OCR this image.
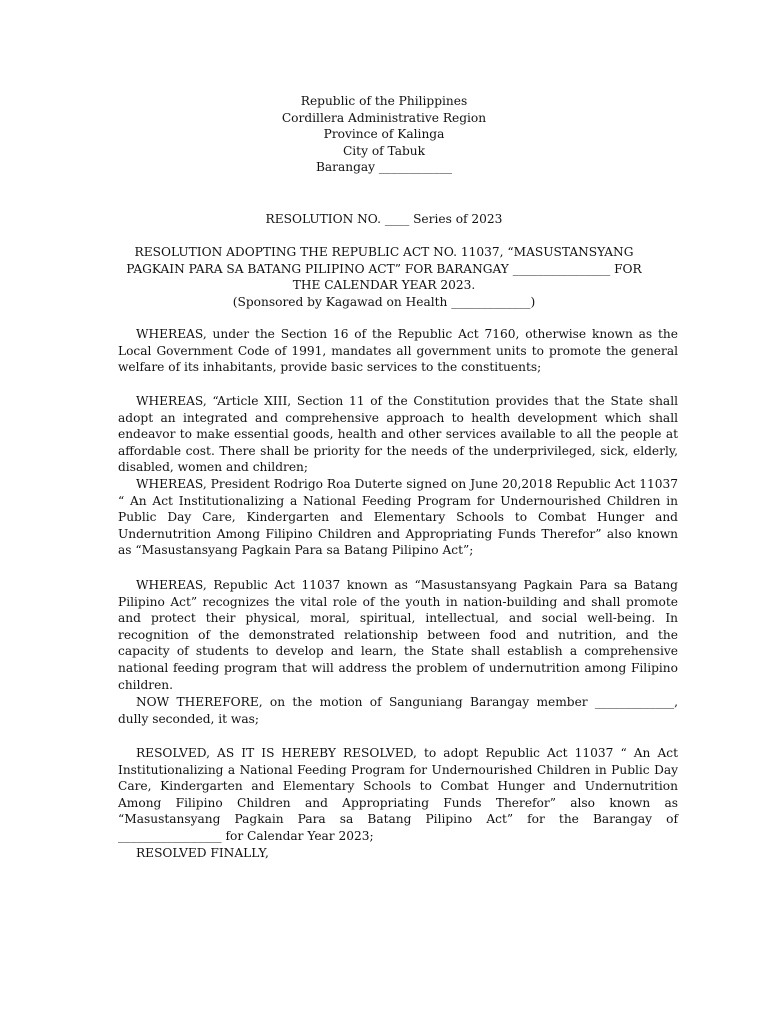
Republic of the Philippines
Cordillera Administrative Region
Province of Kalinga
City of Tabuk
Barangay ____________
RESOLUTION NO. ____ Series of 2023
RESOLUTION ADOPTING THE REPUBLIC ACT NO. 11037, “MASUSTANSYANG PAGKAIN PARA SA BATANG PILIPINO ACT” FOR BARANGAY ________________ FOR THE CALENDAR YEAR 2023.
(Sponsored by Kagawad on Health _____________)
WHEREAS, under the Section 16 of the Republic Act 7160, otherwise known as the Local Government Code of 1991, mandates all government units to promote the general welfare of its inhabitants, provide basic services to the constituents;
WHEREAS, “Article XIII, Section 11 of the Constitution provides that the State shall adopt an integrated and comprehensive approach to health development which shall endeavor to make essential goods, health and other services available to all the people at affordable cost. There shall be priority for the needs of the underprivileged, sick, elderly, disabled, women and children;
WHEREAS, President Rodrigo Roa Duterte signed on June 20,2018 Republic Act 11037 “ An Act Institutionalizing a National Feeding Program for Undernourished Children in Public Day Care, Kindergarten and Elementary Schools to Combat Hunger and Undernutrition Among Filipino Children and Appropriating Funds Therefor” also known as “Masustansyang Pagkain Para sa Batang Pilipino Act”;
WHEREAS, Republic Act 11037 known as “Masustansyang Pagkain Para sa Batang Pilipino Act” recognizes the vital role of the youth in nation-building and shall promote and protect their physical, moral, spiritual, intellectual, and social well-being. In recognition of the demonstrated relationship between food and nutrition, and the capacity of students to develop and learn, the State shall establish a comprehensive national feeding program that will address the problem of undernutrition among Filipino children.
NOW THEREFORE, on the motion of Sanguniang Barangay member _____________, dully seconded, it was;
RESOLVED, AS IT IS HEREBY RESOLVED, to adopt Republic Act 11037 “ An Act Institutionalizing a National Feeding Program for Undernourished Children in Public Day Care, Kindergarten and Elementary Schools to Combat Hunger and Undernutrition Among Filipino Children and Appropriating Funds Therefor” also known as “Masustansyang Pagkain Para sa Batang Pilipino Act” for the Barangay of _________________ for Calendar Year 2023;
RESOLVED FINALLY,
